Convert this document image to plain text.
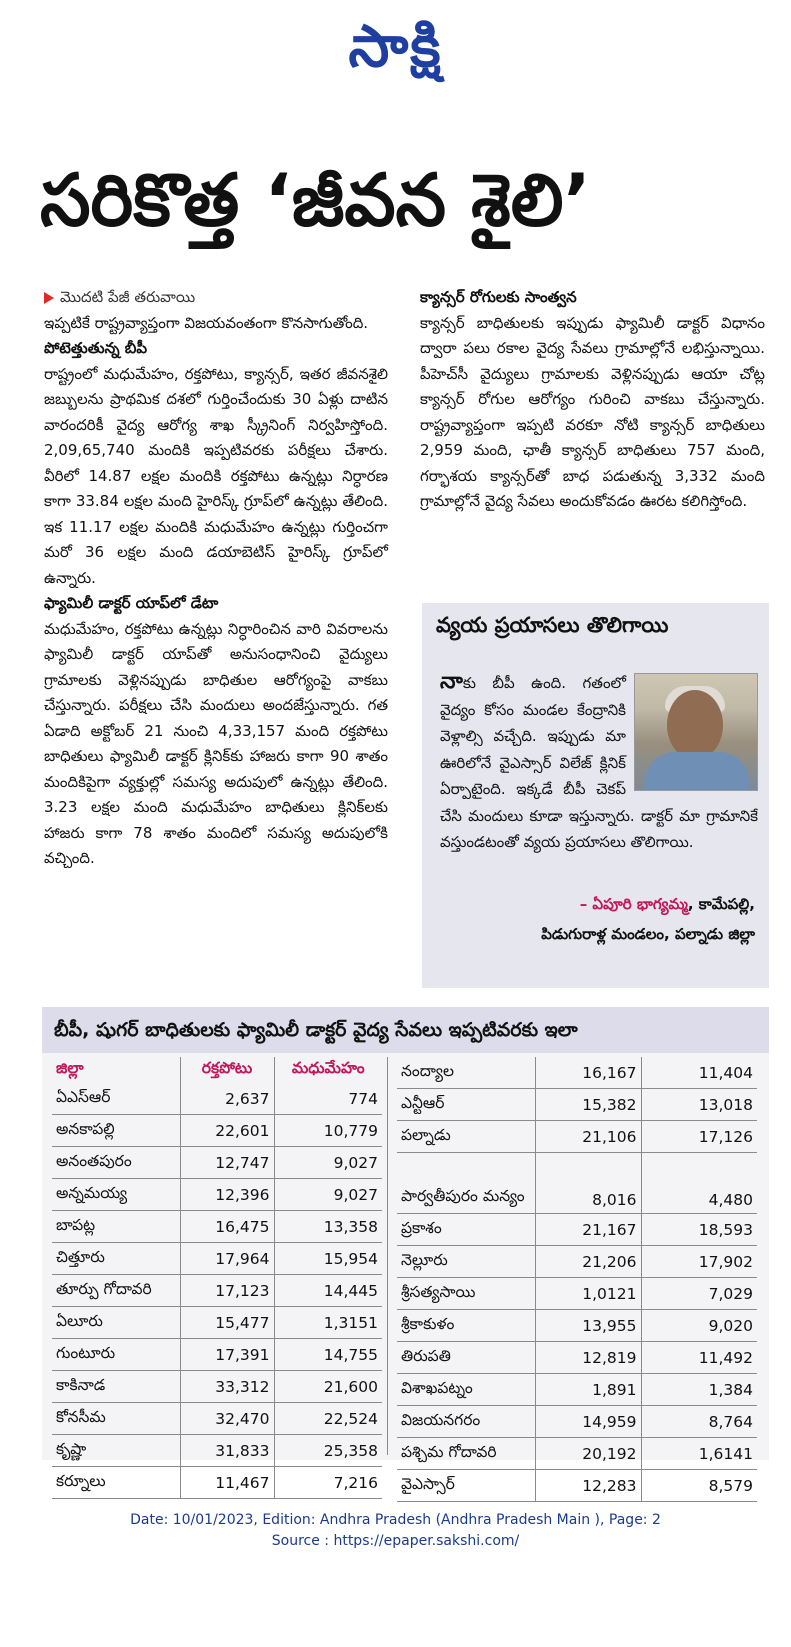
సాక్షి
సరికొత్త ‘జీవన శైలి’

మొదటి పేజీ తరువాయి

ఇప్పటికే రాష్ట్రవ్యాప్తంగా విజయవంతంగా కొనసాగుతోంది.

పోటెత్తుతున్న బీపీ

రాష్ట్రంలో మధుమేహం, రక్తపోటు, క్యాన్సర్, ఇతర జీవనశైలి జబ్బులను ప్రాథమిక దశలో గుర్తించేందుకు 30 ఏళ్లు దాటిన వారందరికీ వైద్య ఆరోగ్య శాఖ స్క్రీనింగ్ నిర్వహిస్తోంది. 2,09,65,740 మందికి ఇప్పటివరకు పరీక్షలు చేశారు. వీరిలో 14.87 లక్షల మందికి రక్తపోటు ఉన్నట్లు నిర్ధారణ కాగా 33.84 లక్షల మంది హైరిస్క్ గ్రూప్‌లో ఉన్నట్లు తేలింది. ఇక 11.17 లక్షల మందికి మధుమేహం ఉన్నట్లు గుర్తించగా మరో 36 లక్షల మంది డయాబెటిస్ హైరిస్క్ గ్రూప్‌లో ఉన్నారు.

ఫ్యామిలీ డాక్టర్ యాప్‌లో డేటా

మధుమేహం, రక్తపోటు ఉన్నట్లు నిర్ధారించిన వారి వివరాలను ఫ్యామిలీ డాక్టర్ యాప్‌తో అనుసంధానించి వైద్యులు గ్రామాలకు వెళ్లినప్పుడు బాధితుల ఆరోగ్యంపై వాకబు చేస్తున్నారు. పరీక్షలు చేసి మందులు అందజేస్తున్నారు. గత ఏడాది అక్టోబర్ 21 నుంచి 4,33,157 మంది రక్తపోటు బాధితులు ఫ్యామిలీ డాక్టర్ క్లినిక్‌కు హాజరు కాగా 90 శాతం మందికిపైగా వ్యక్తుల్లో సమస్య అదుపులో ఉన్నట్లు తేలింది. 3.23 లక్షల మంది మధుమేహం బాధితులు క్లినిక్‌లకు హాజరు కాగా 78 శాతం మందిలో సమస్య అదుపులోకి వచ్చింది.

క్యాన్సర్ రోగులకు సాంత్వన

క్యాన్సర్ బాధితులకు ఇప్పుడు ఫ్యామిలీ డాక్టర్ విధానం ద్వారా పలు రకాల వైద్య సేవలు గ్రామాల్లోనే లభిస్తున్నాయి. పీహెచ్‌సీ వైద్యులు గ్రామాలకు వెళ్లినప్పుడు ఆయా చోట్ల క్యాన్సర్ రోగుల ఆరోగ్యం గురించి వాకబు చేస్తున్నారు. రాష్ట్రవ్యాప్తంగా ఇప్పటి వరకూ నోటి క్యాన్సర్ బాధితులు 2,959 మంది, ఛాతీ క్యాన్సర్ బాధితులు 757 మంది, గర్భాశయ క్యాన్సర్‌తో బాధ పడుతున్న 3,332 మంది గ్రామాల్లోనే వైద్య సేవలు అందుకోవడం ఊరట కలిగిస్తోంది.

వ్యయ ప్రయాసలు తొలిగాయి
నాకు బీపీ ఉంది. గతంలో వైద్యం కోసం మండల కేంద్రానికి వెళ్లాల్సి వచ్చేది. ఇప్పుడు మా ఊరిలోనే వైఎస్సార్ విలేజ్ క్లినిక్ ఏర్పాటైంది. ఇక్కడే బీపీ చెకప్ చేసి మందులు కూడా ఇస్తున్నారు. డాక్టర్ మా గ్రామానికే వస్తుండటంతో వ్యయ ప్రయాసలు తొలిగాయి.
– ఏపూరి భాగ్యమ్మ, కామేపల్లి,
పిడుగురాళ్ల మండలం, పల్నాడు జిల్లా
బీపీ, షుగర్ బాధితులకు ఫ్యామిలీ డాక్టర్ వైద్య సేవలు ఇప్పటివరకు ఇలా
జిల్లా	రక్తపోటు	మధుమేహం
ఏఎస్ఆర్	2,637	774
అనకాపల్లి	22,601	10,779
అనంతపురం	12,747	9,027
అన్నమయ్య	12,396	9,027
బాపట్ల	16,475	13,358
చిత్తూరు	17,964	15,954
తూర్పు గోదావరి	17,123	14,445
ఏలూరు	15,477	1,3151
గుంటూరు	17,391	14,755
కాకినాడ	33,312	21,600
కోనసీమ	32,470	22,524
కృష్ణా	31,833	25,358
కర్నూలు	11,467	7,216
నంద్యాల	16,167	11,404
ఎన్టీఆర్	15,382	13,018
పల్నాడు	21,106	17,126
పార్వతీపురం మన్యం	8,016	4,480
ప్రకాశం	21,167	18,593
నెల్లూరు	21,206	17,902
శ్రీసత్యసాయి	1,0121	7,029
శ్రీకాకుళం	13,955	9,020
తిరుపతి	12,819	11,492
విశాఖపట్నం	1,891	1,384
విజయనగరం	14,959	8,764
పశ్చిమ గోదావరి	20,192	1,6141
వైఎస్సార్	12,283	8,579
Date: 10/01/2023, Edition: Andhra Pradesh (Andhra Pradesh Main ), Page: 2
Source : https://epaper.sakshi.com/
